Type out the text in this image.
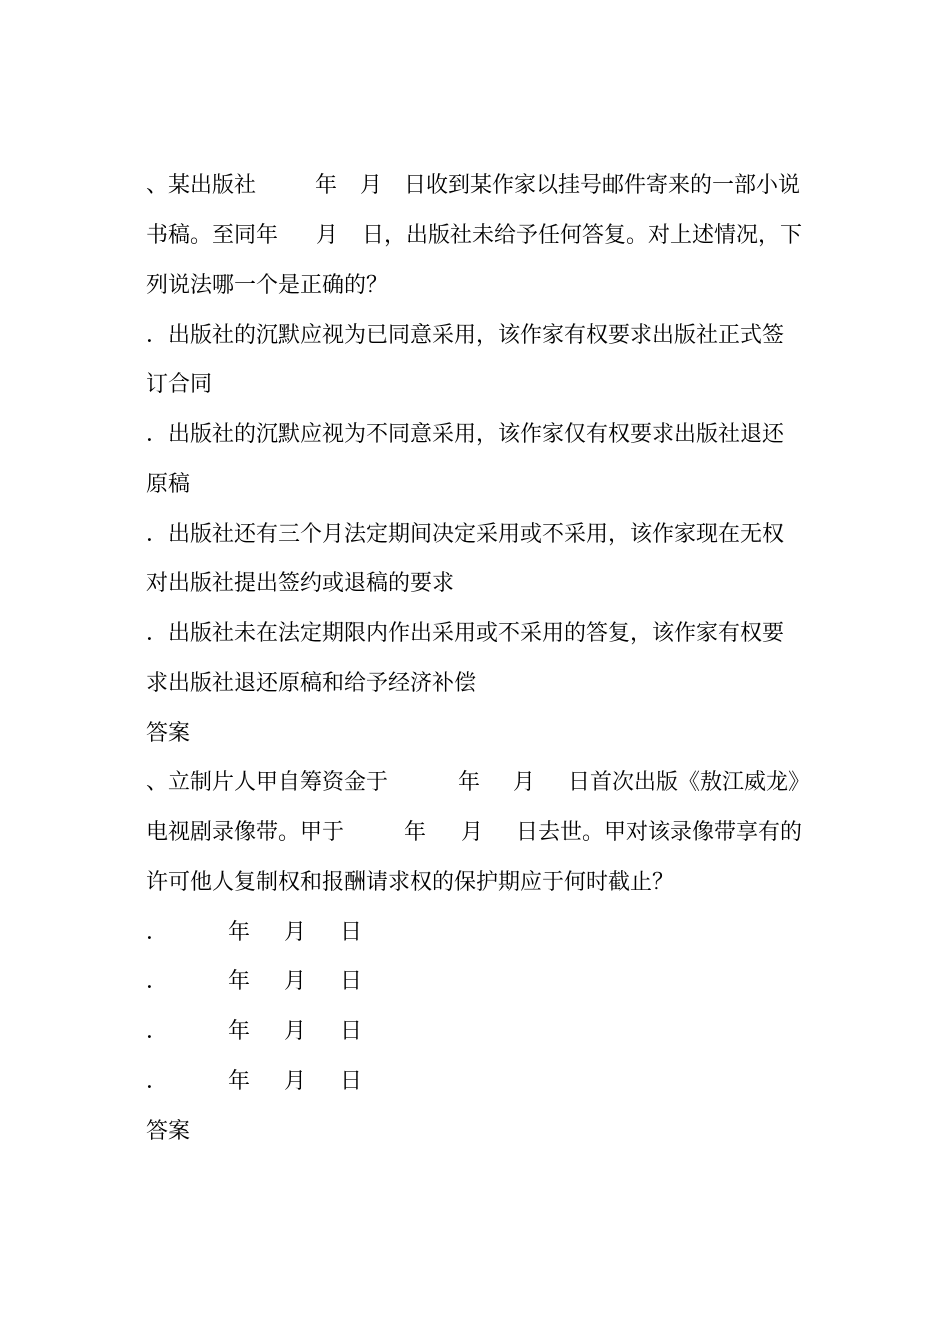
、某出版社

	年

月

日收到某作家以挂号邮件寄来的一部小说

书稿。至同年

月

日，出版社未给予任何答复。对上述情况，下

列说法哪一个是正确的？

．出版社的沉默应视为已同意采用，该作家有权要求出版社正式签

订合同

．出版社的沉默应视为不同意采用，该作家仅有权要求出版社退还

原稿

．出版社还有三个月法定期间决定采用或不采用，该作家现在无权

对出版社提出签约或退稿的要求

．出版社未在法定期限内作出采用或不采用的答复，该作家有权要

求出版社退还原稿和给予经济补偿

答案

、立制片人甲自筹资金于

	年

月

日首次出版《敖江威龙》

电视剧录像带。甲于

	年

月

日去世。甲对该录像带享有的

许可他人复制权和报酬请求权的保护期应于何时截止？

．

	年

月

日

．

	年

月

日

．

	年

月

日

．

	年

月

日

答案
